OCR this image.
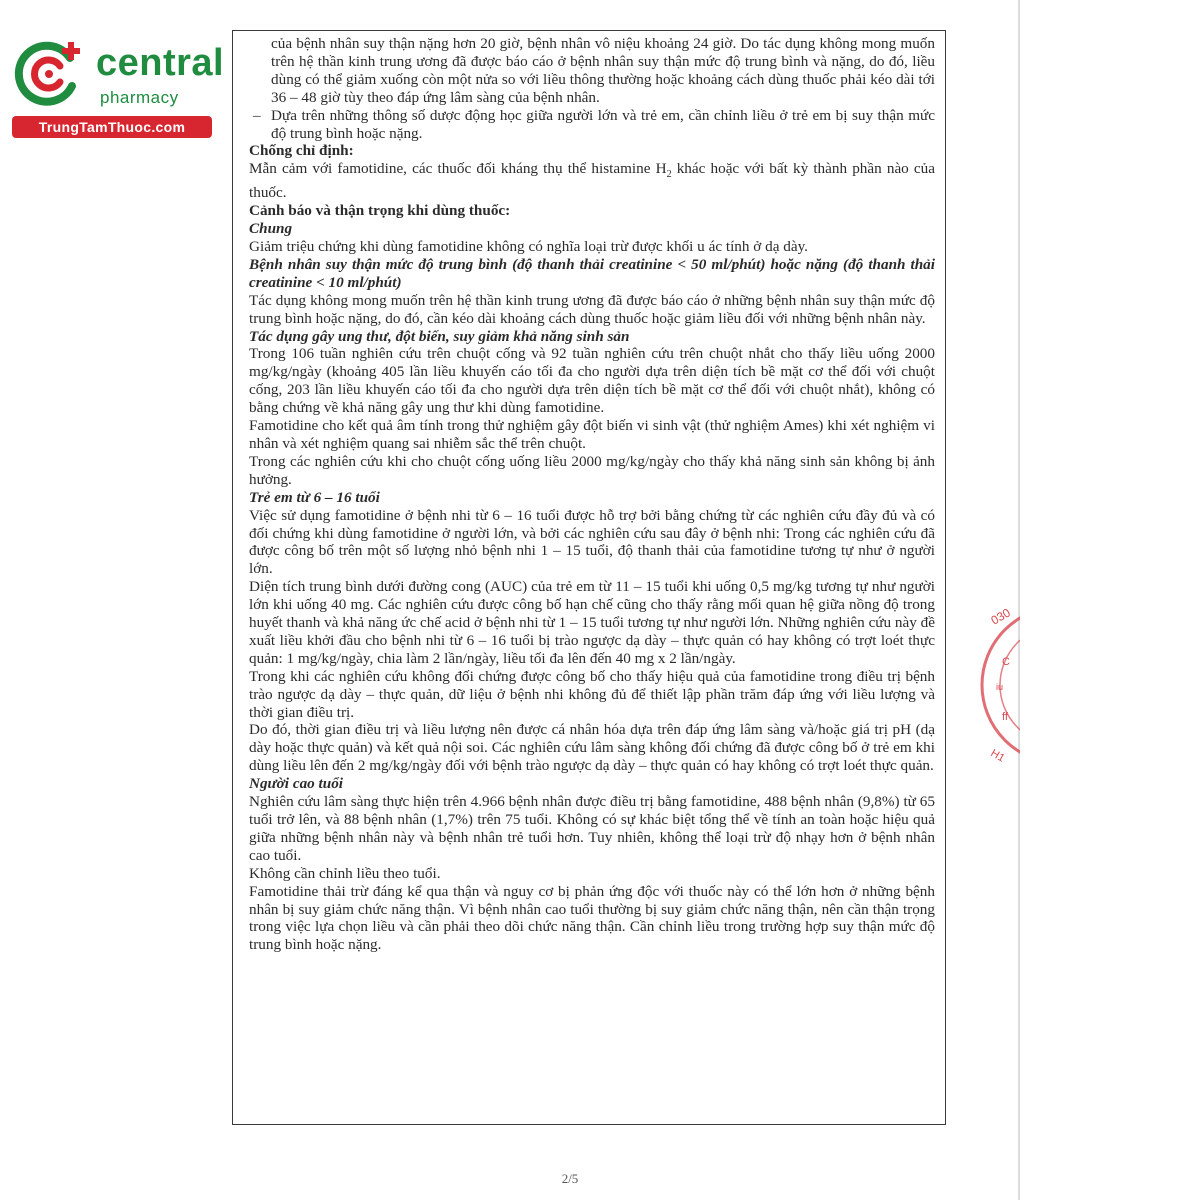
central
pharmacy
TrungTamThuoc.com

của bệnh nhân suy thận nặng hơn 20 giờ, bệnh nhân vô niệu khoảng 24 giờ. Do tác dụng không mong muốn trên hệ thần kinh trung ương đã được báo cáo ở bệnh nhân suy thận mức độ trung bình và nặng, do đó, liều dùng có thể giảm xuống còn một nửa so với liều thông thường hoặc khoảng cách dùng thuốc phải kéo dài tới 36 – 48 giờ tùy theo đáp ứng lâm sàng của bệnh nhân.

– Dựa trên những thông số dược động học giữa người lớn và trẻ em, cần chỉnh liều ở trẻ em bị suy thận mức độ trung bình hoặc nặng.

Chống chỉ định:

Mẫn cảm với famotidine, các thuốc đối kháng thụ thể histamine $H_2$ khác hoặc với bất kỳ thành phần nào của thuốc.

Cảnh báo và thận trọng khi dùng thuốc:

Chung

Giảm triệu chứng khi dùng famotidine không có nghĩa loại trừ được khối u ác tính ở dạ dày.

Bệnh nhân suy thận mức độ trung bình (độ thanh thải creatinine < 50 ml/phút) hoặc nặng (độ thanh thải creatinine < 10 ml/phút)

Tác dụng không mong muốn trên hệ thần kinh trung ương đã được báo cáo ở những bệnh nhân suy thận mức độ trung bình hoặc nặng, do đó, cần kéo dài khoảng cách dùng thuốc hoặc giảm liều đối với những bệnh nhân này.

Tác dụng gây ung thư, đột biến, suy giảm khả năng sinh sản

Trong 106 tuần nghiên cứu trên chuột cống và 92 tuần nghiên cứu trên chuột nhắt cho thấy liều uống 2000 mg/kg/ngày (khoảng 405 lần liều khuyến cáo tối đa cho người dựa trên diện tích bề mặt cơ thể đối với chuột cống, 203 lần liều khuyến cáo tối đa cho người dựa trên diện tích bề mặt cơ thể đối với chuột nhắt), không có bằng chứng về khả năng gây ung thư khi dùng famotidine.

Famotidine cho kết quả âm tính trong thử nghiệm gây đột biến vi sinh vật (thử nghiệm Ames) khi xét nghiệm vi nhân và xét nghiệm quang sai nhiễm sắc thể trên chuột.

Trong các nghiên cứu khi cho chuột cống uống liều 2000 mg/kg/ngày cho thấy khả năng sinh sản không bị ảnh hưởng.

Trẻ em từ 6 – 16 tuổi

Việc sử dụng famotidine ở bệnh nhi từ 6 – 16 tuổi được hỗ trợ bởi bằng chứng từ các nghiên cứu đầy đủ và có đối chứng khi dùng famotidine ở người lớn, và bởi các nghiên cứu sau đây ở bệnh nhi: Trong các nghiên cứu đã được công bố trên một số lượng nhỏ bệnh nhi 1 – 15 tuổi, độ thanh thải của famotidine tương tự như ở người lớn.

Diện tích trung bình dưới đường cong (AUC) của trẻ em từ 11 – 15 tuổi khi uống 0,5 mg/kg tương tự như người lớn khi uống 40 mg. Các nghiên cứu được công bố hạn chế cũng cho thấy rằng mối quan hệ giữa nồng độ trong huyết thanh và khả năng ức chế acid ở bệnh nhi từ 1 – 15 tuổi tương tự như người lớn. Những nghiên cứu này đề xuất liều khởi đầu cho bệnh nhi từ 6 – 16 tuổi bị trào ngược dạ dày – thực quản có hay không có trợt loét thực quản: 1 mg/kg/ngày, chia làm 2 lần/ngày, liều tối đa lên đến 40 mg x 2 lần/ngày.

Trong khi các nghiên cứu không đối chứng được công bố cho thấy hiệu quả của famotidine trong điều trị bệnh trào ngược dạ dày – thực quản, dữ liệu ở bệnh nhi không đủ để thiết lập phần trăm đáp ứng với liều lượng và thời gian điều trị.

Do đó, thời gian điều trị và liều lượng nên được cá nhân hóa dựa trên đáp ứng lâm sàng và/hoặc giá trị pH (dạ dày hoặc thực quản) và kết quả nội soi. Các nghiên cứu lâm sàng không đối chứng đã được công bố ở trẻ em khi dùng liều lên đến 2 mg/kg/ngày đối với bệnh trào ngược dạ dày – thực quản có hay không có trợt loét thực quản.

Người cao tuổi

Nghiên cứu lâm sàng thực hiện trên 4.966 bệnh nhân được điều trị bằng famotidine, 488 bệnh nhân (9,8%) từ 65 tuổi trở lên, và 88 bệnh nhân (1,7%) trên 75 tuổi. Không có sự khác biệt tổng thể về tính an toàn hoặc hiệu quả giữa những bệnh nhân này và bệnh nhân trẻ tuổi hơn. Tuy nhiên, không thể loại trừ độ nhạy hơn ở bệnh nhân cao tuổi.

Không cần chỉnh liều theo tuổi.

Famotidine thải trừ đáng kể qua thận và nguy cơ bị phản ứng độc với thuốc này có thể lớn hơn ở những bệnh nhân bị suy giảm chức năng thận. Vì bệnh nhân cao tuổi thường bị suy giảm chức năng thận, nên cần thận trọng trong việc lựa chọn liều và cần phải theo dõi chức năng thận. Cần chỉnh liều trong trường hợp suy thận mức độ trung bình hoặc nặng.

2/5
030
C
iu
ff
H1
